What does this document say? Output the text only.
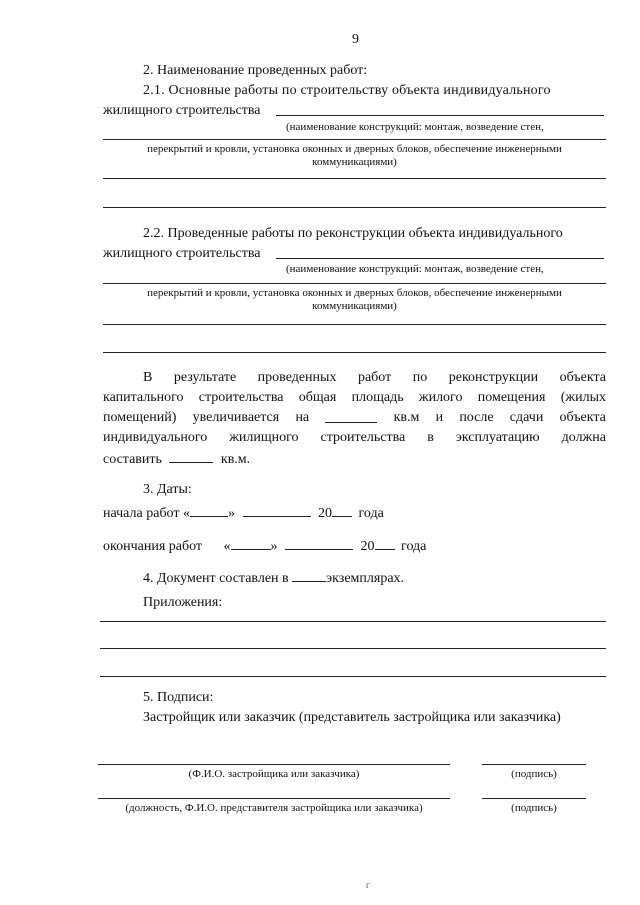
9
2. Наименование проведенных работ:
2.1. Основные работы по строительству объекта индивидуального
жилищного строительства
(наименование конструкций: монтаж, возведение стен,
перекрытий и кровли, установка оконных и дверных блоков, обеспечение инженерными
коммуникациями)
2.2. Проведенные работы по реконструкции объекта индивидуального
жилищного строительства
(наименование конструкций: монтаж, возведение стен,
перекрытий и кровли, установка оконных и дверных блоков, обеспечение инженерными
коммуникациями)
В результате проведенных работ по реконструкции объекта
капитального строительства общая площадь жилого помещения (жилых
помещений) увеличивается на	кв.м и после сдачи объекта
индивидуального жилищного строительства в эксплуатацию должна
составить	кв.м.
3. Даты:
начала работ «	»	20 года
окончания работ «	»	20 года
4. Документ составлен в	экземплярах.
Приложения:
5. Подписи:
Застройщик или заказчик (представитель застройщика или заказчика)
(Ф.И.О. застройщика или заказчика)	(подпись)
(должность, Ф.И.О. представителя застройщика или заказчика)	(подпись)
г
